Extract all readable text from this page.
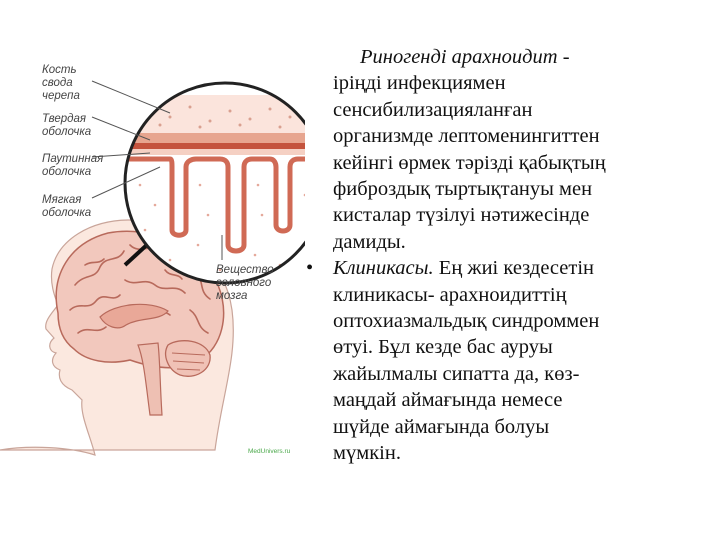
Кость свода черепа
Твердая оболочка
Паутинная оболочка
Мягкая оболочка
Вещество головного мозга
MedUnivers.ru
Риногенді арахноидит -
іріңді инфекциямен
сенсибилизацияланған
организмде лептоменингиттен
кейінгі өрмек тәрізді қабықтың
фиброздық тыртықтануы мен
кисталар түзілуі нәтижесінде
дамиды.
• Клиникасы. Ең жиі кездесетін
клиникасы- арахноидиттің
оптохиазмальдық синдроммен
өтуі. Бұл кезде бас ауруы
жайылмалы сипатта да, көз-
маңдай аймағында немесе
шүйде аймағында болуы
мүмкін.
